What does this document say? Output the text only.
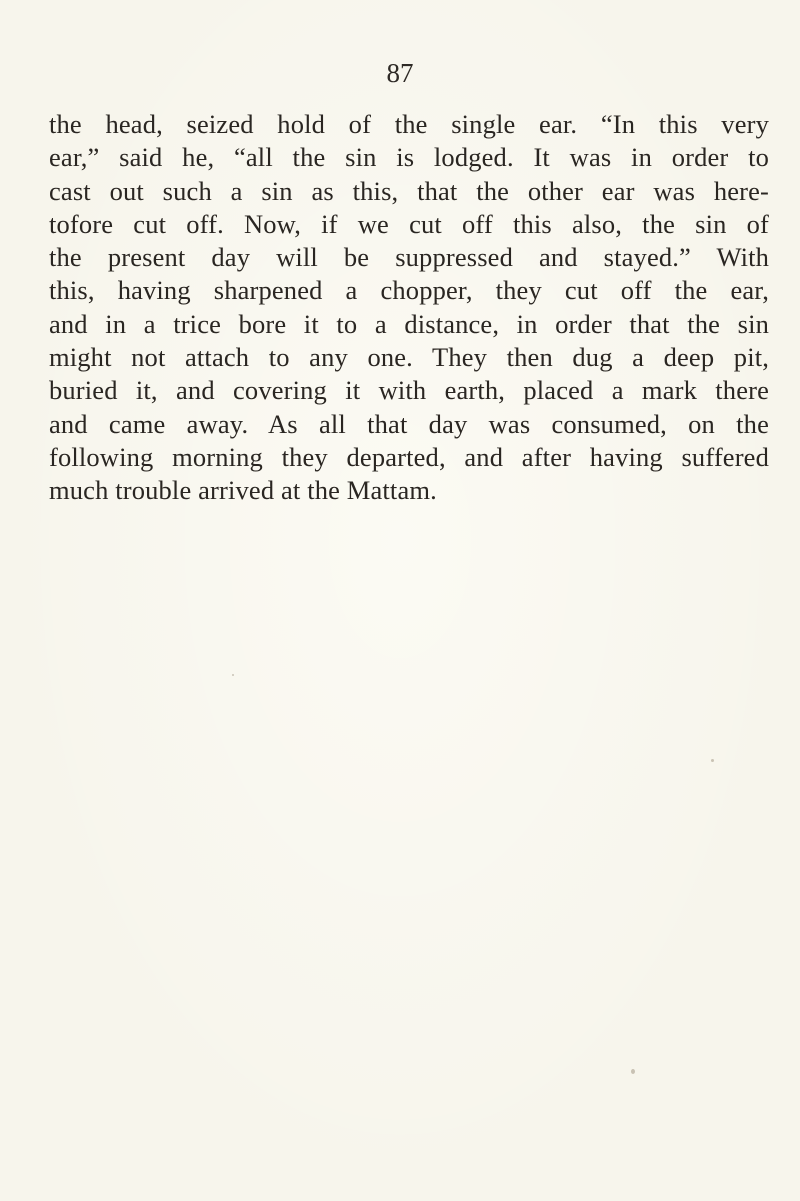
87
the head, seized hold of the single ear. “In this very
ear,” said he, “all the sin is lodged. It was in order to
cast out such a sin as this, that the other ear was here-
tofore cut off. Now, if we cut off this also, the sin of
the present day will be suppressed and stayed.” With
this, having sharpened a chopper, they cut off the ear,
and in a trice bore it to a distance, in order that the sin
might not attach to any one. They then dug a deep pit,
buried it, and covering it with earth, placed a mark there
and came away. As all that day was consumed, on the
following morning they departed, and after having suffered
much trouble arrived at the Mattam.
